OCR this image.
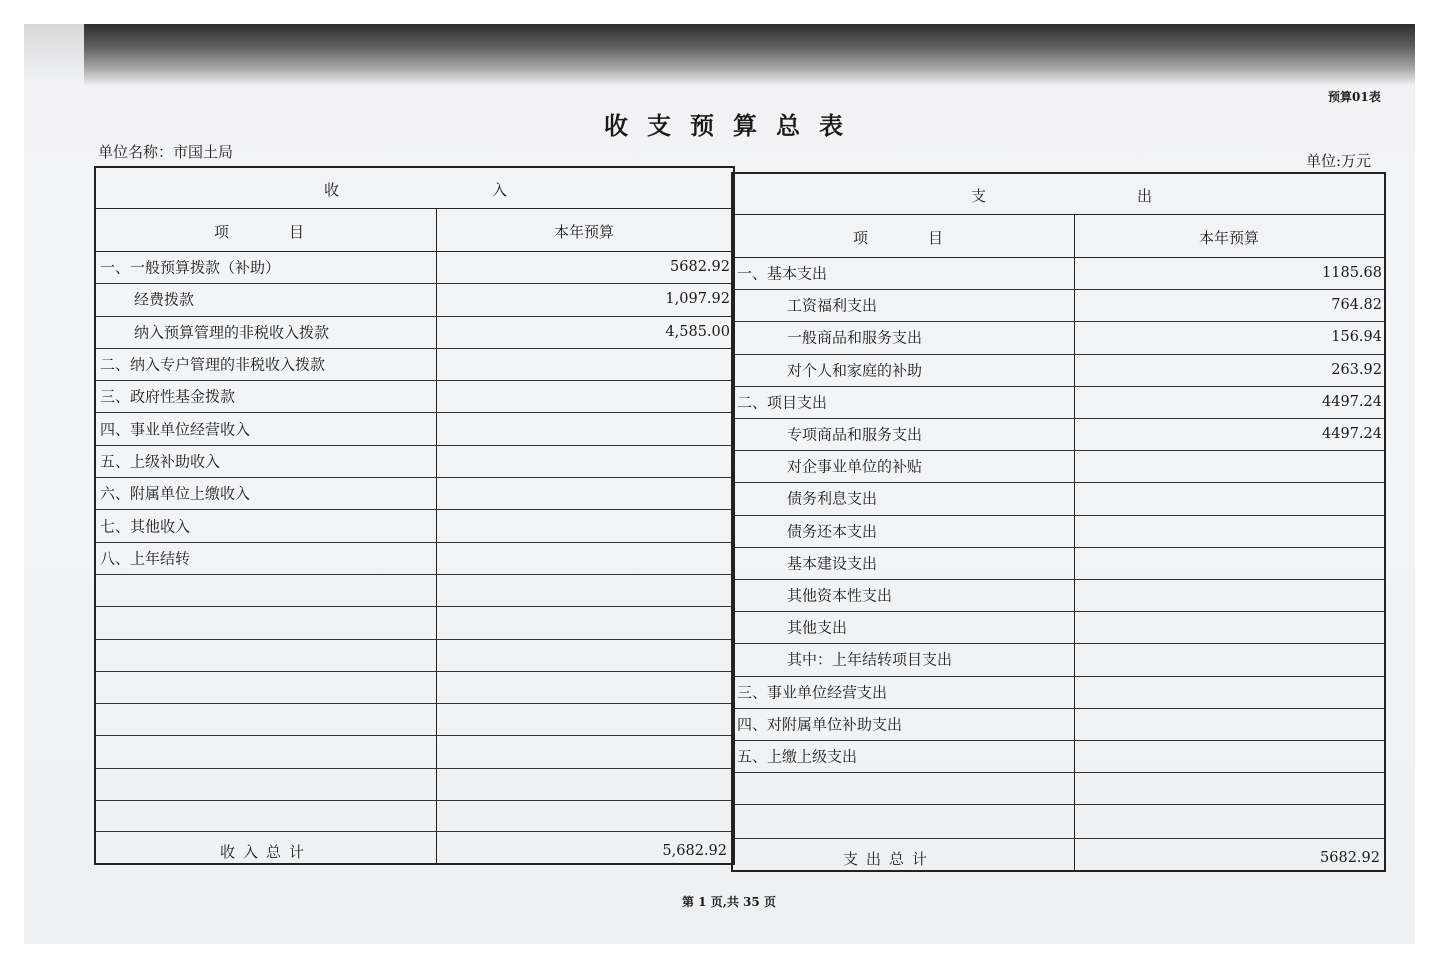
预算01表
收支预算总表
单位名称：市国土局	单位:万元
收	入
项　　　　目	本年预算
一、一般预算拨款（补助）	5682.92
经费拨款	1,097.92
纳入预算管理的非税收入拨款	4,585.00
二、纳入专户管理的非税收入拨款
三、政府性基金拨款
四、事业单位经营收入
五、上级补助收入
六、附属单位上缴收入
七、其他收入
八、上年结转
收入总计	5,682.92
支	出
项　　　　目	本年预算
一、基本支出	1185.68
工资福利支出	764.82
一般商品和服务支出	156.94
对个人和家庭的补助	263.92
二、项目支出	4497.24
专项商品和服务支出	4497.24
对企事业单位的补贴
债务利息支出
债务还本支出
基本建设支出
其他资本性支出
其他支出
其中：上年结转项目支出
三、事业单位经营支出
四、对附属单位补助支出
五、上缴上级支出
支出总计	5682.92
第 1 页,共 35 页
